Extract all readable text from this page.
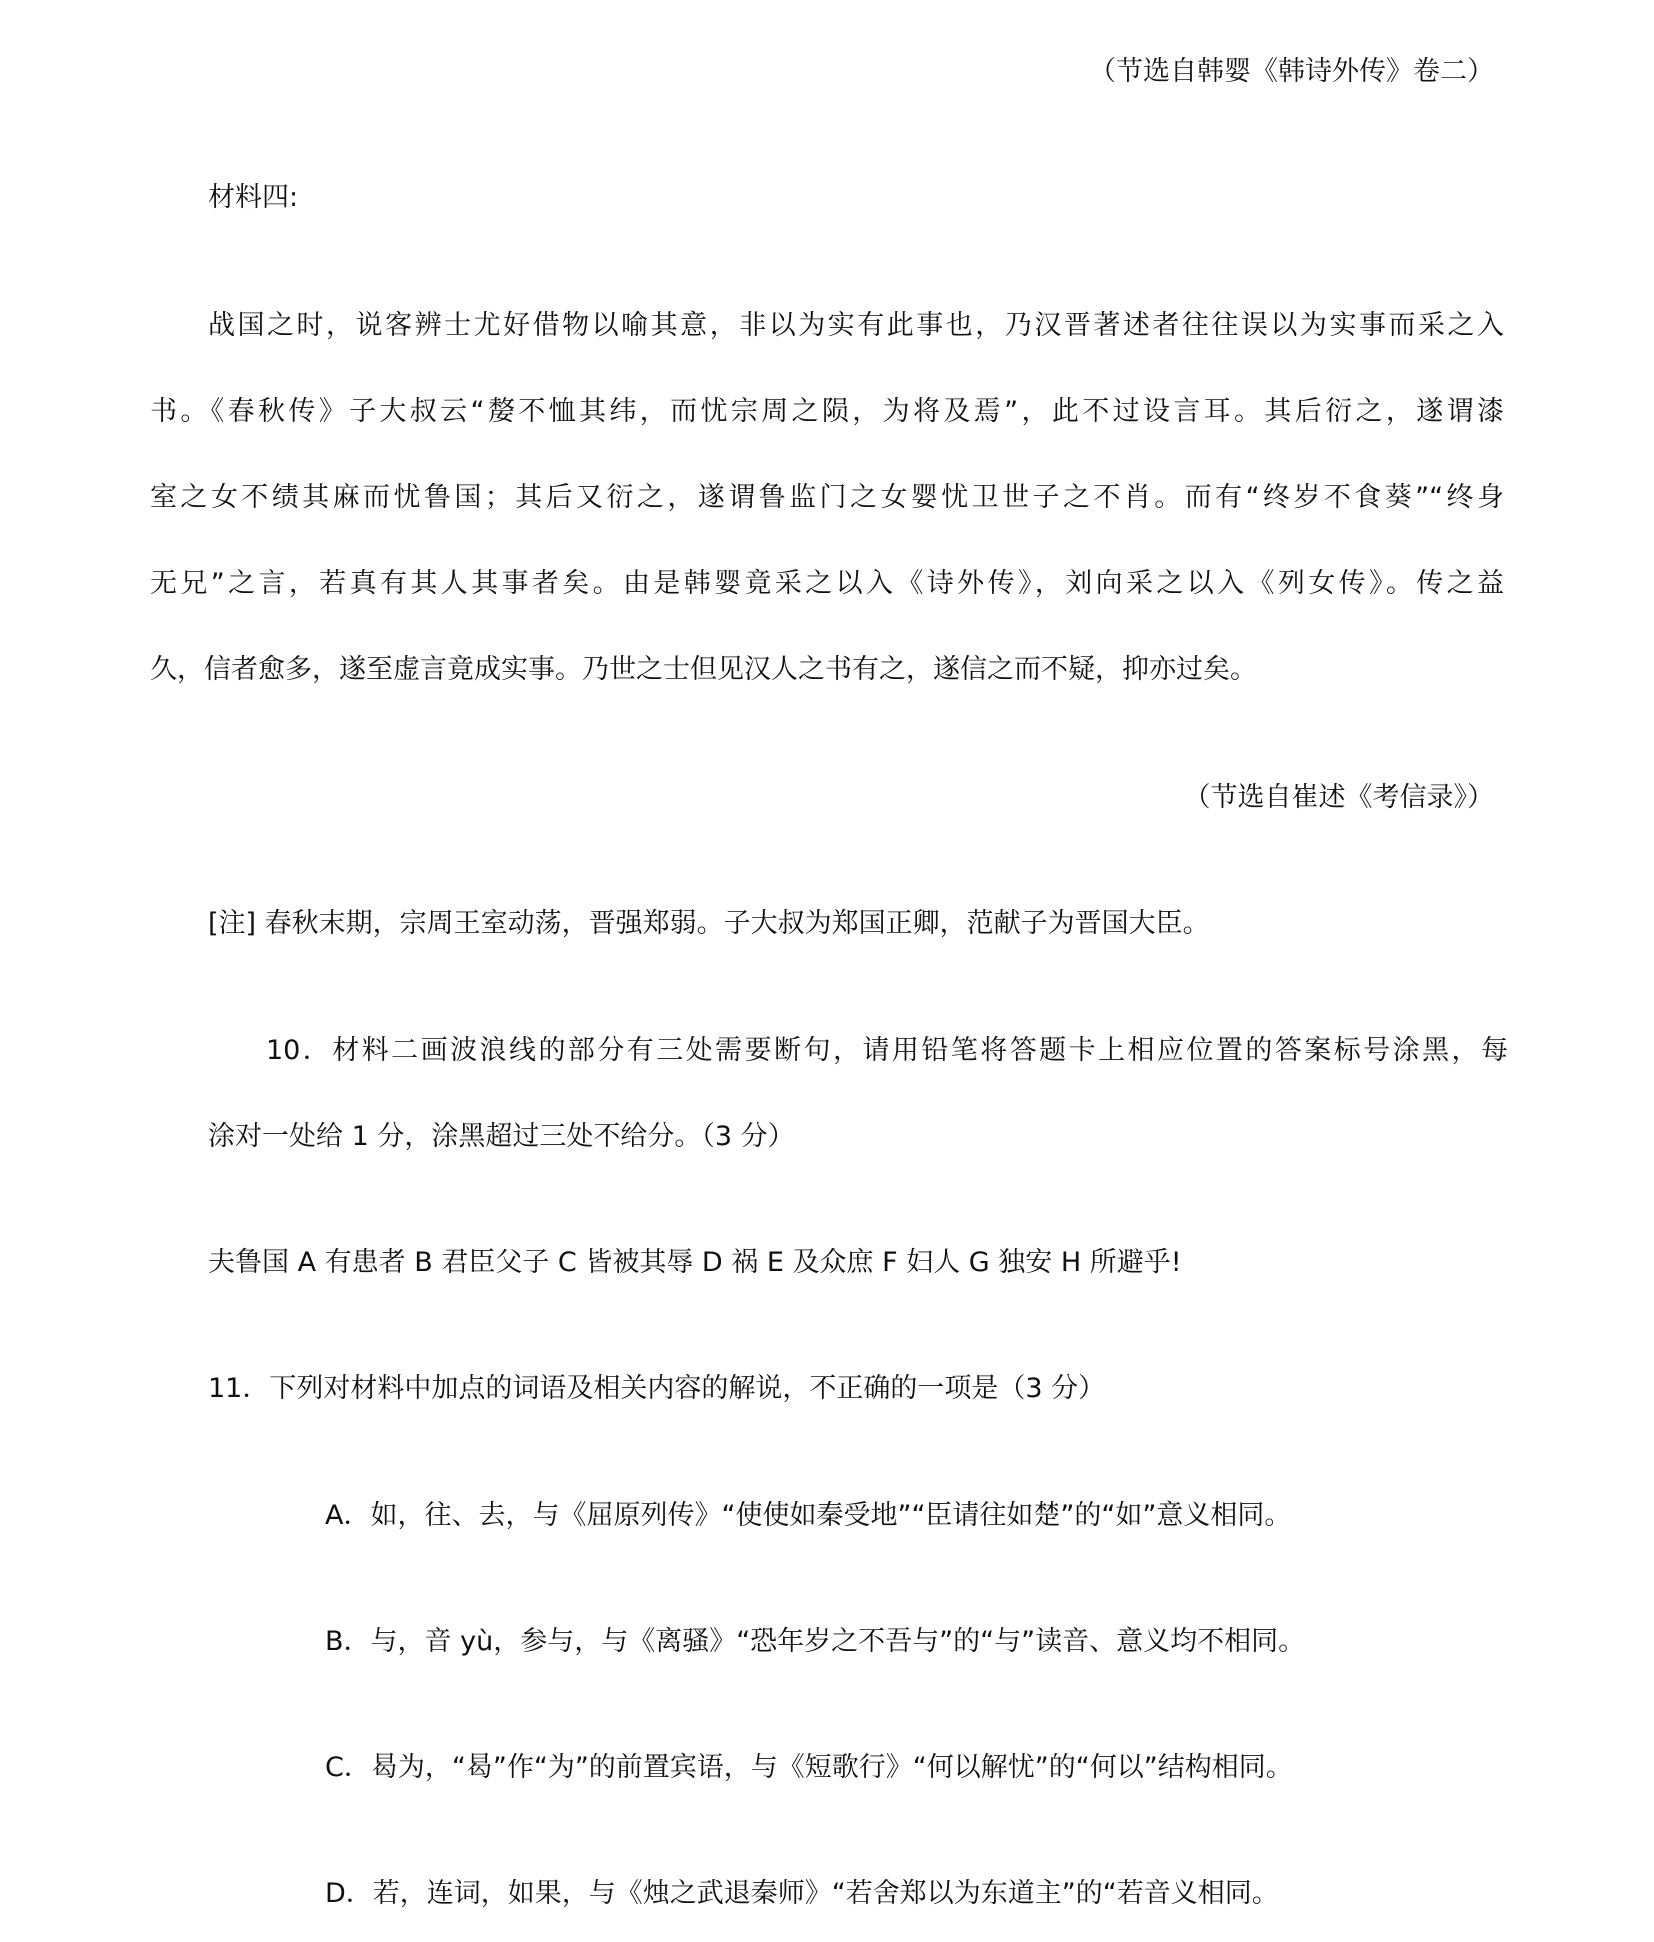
（节选自韩婴《韩诗外传》卷二）

材料四:

战国之时，说客辨士尤好借物以喻其意，非以为实有此事也，乃汉晋著述者往往误以为实事而采之入

书。《春秋传》子大叔云“嫠不恤其纬，而忧宗周之陨，为将及焉”，此不过设言耳。其后衍之，遂谓漆

室之女不绩其麻而忧鲁国；其后又衍之，遂谓鲁监门之女婴忧卫世子之不肖。而有“终岁不食葵”“终身

无兄”之言，若真有其人其事者矣。由是韩婴竟采之以入《诗外传》，刘向采之以入《列女传》。传之益

久，信者愈多，遂至虚言竟成实事。乃世之士但见汉人之书有之，遂信之而不疑，抑亦过矣。

（节选自崔述《考信录》）

[注] 春秋末期，宗周王室动荡，晋强郑弱。子大叔为郑国正卿，范献子为晋国大臣。

10．材料二画波浪线的部分有三处需要断句，请用铅笔将答题卡上相应位置的答案标号涂黑，每

涂对一处给 1 分，涂黑超过三处不给分。（3 分）

夫鲁国 A 有患者 B 君臣父子 C 皆被其辱 D 祸 E 及众庶 F 妇人 G 独安 H 所避乎!

11．下列对材料中加点的词语及相关内容的解说，不正确的一项是（3 分）

A．如，往、去，与《屈原列传》“使使如秦受地”“臣请往如楚”的“如”意义相同。

B．与，音 yù，参与，与《离骚》“恐年岁之不吾与”的“与”读音、意义均不相同。

C．曷为，“曷”作“为”的前置宾语，与《短歌行》“何以解忧”的“何以”结构相同。

D．若，连词，如果，与《烛之武退秦师》“若舍郑以为东道主”的“若音义相同。
